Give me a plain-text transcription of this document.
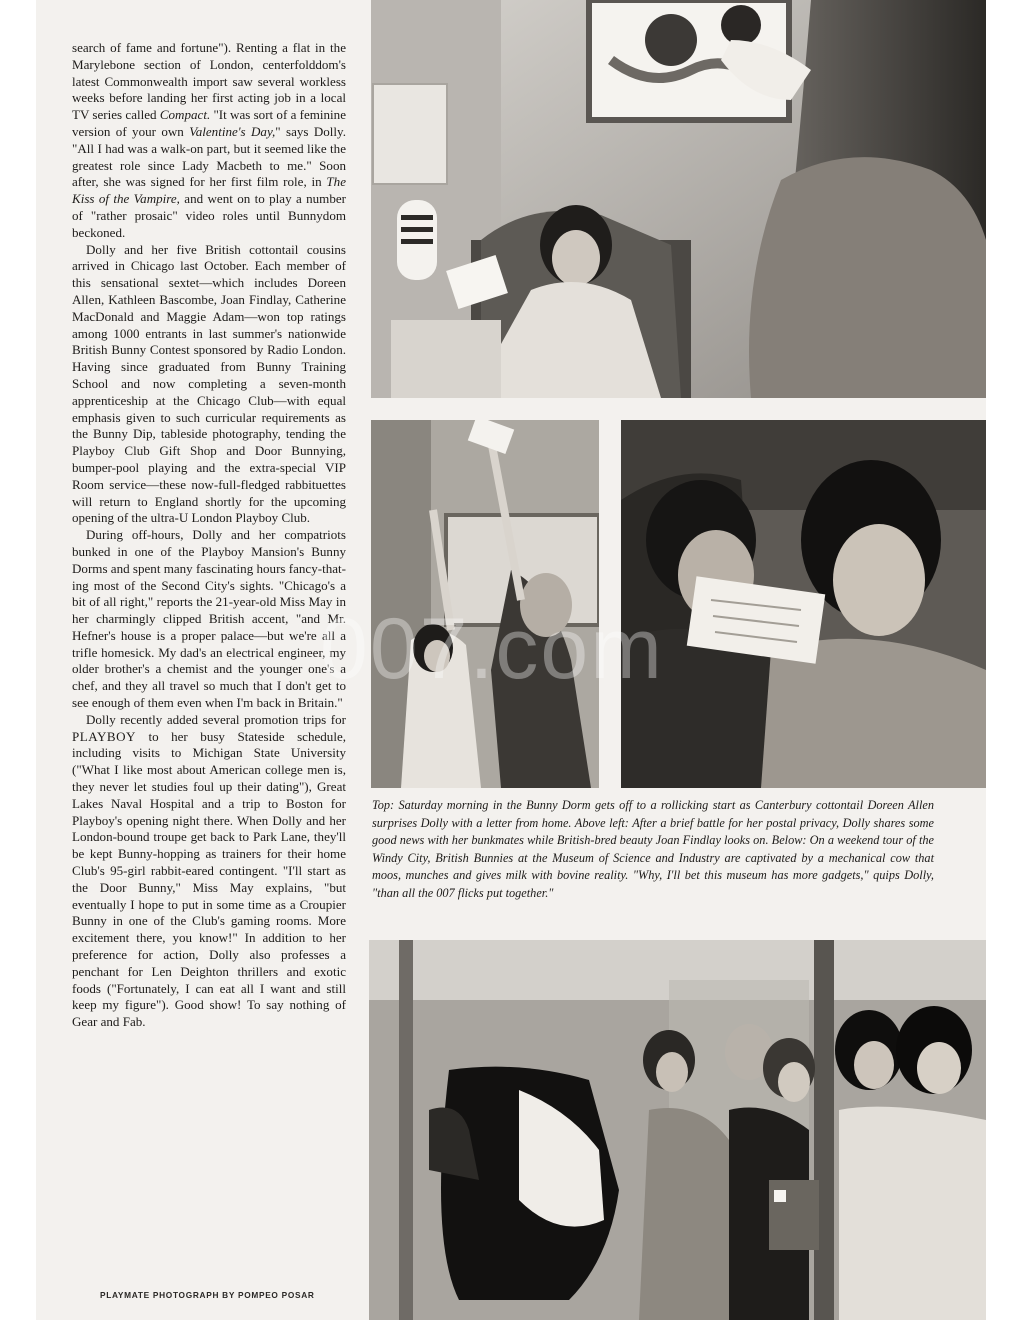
search of fame and fortune"). Renting a flat in the Marylebone section of London, centerfolddom's latest Commonwealth import saw several workless weeks before landing her first acting job in a local TV series called Compact. "It was sort of a feminine version of your own Valentine's Day," says Dolly. "All I had was a walk-on part, but it seemed like the greatest role since Lady Macbeth to me." Soon after, she was signed for her first film role, in The Kiss of the Vampire, and went on to play a number of "rather prosaic" video roles until Bunnydom beckoned.

Dolly and her five British cottontail cousins arrived in Chicago last October. Each member of this sensational sextet—which includes Doreen Allen, Kathleen Bascombe, Joan Findlay, Catherine MacDonald and Maggie Adam—won top ratings among 1000 entrants in last summer's nationwide British Bunny Contest sponsored by Radio London. Having since graduated from Bunny Training School and now completing a seven-month apprenticeship at the Chicago Club—with equal emphasis given to such curricular requirements as the Bunny Dip, tableside photography, tending the Playboy Club Gift Shop and Door Bunnying, bumper-pool playing and the extra-special VIP Room service—these now-full-fledged rabbituettes will return to England shortly for the upcoming opening of the ultra-U London Playboy Club.

During off-hours, Dolly and her compatriots bunked in one of the Playboy Mansion's Bunny Dorms and spent many fascinating hours fancy-that-ing most of the Second City's sights. "Chicago's a bit of all right," reports the 21-year-old Miss May in her charmingly clipped British accent, "and Mr. Hefner's house is a proper palace—but we're all a trifle homesick. My dad's an electrical engineer, my older brother's a chemist and the younger one's a chef, and they all travel so much that I don't get to see enough of them even when I'm back in Britain."

Dolly recently added several promotion trips for PLAYBOY to her busy Stateside schedule, including visits to Michigan State University ("What I like most about American college men is, they never let studies foul up their dating"), Great Lakes Naval Hospital and a trip to Boston for Playboy's opening night there. When Dolly and her London-bound troupe get back to Park Lane, they'll be kept Bunny-hopping as trainers for their home Club's 95-girl rabbit-eared contingent. "I'll start as the Door Bunny," Miss May explains, "but eventually I hope to put in some time as a Croupier Bunny in one of the Club's gaming rooms. More excitement there, you know!" In addition to her preference for action, Dolly also professes a penchant for Len Deighton thrillers and exotic foods ("Fortunately, I can eat all I want and still keep my figure"). Good show! To say nothing of Gear and Fab.

PLAYMATE PHOTOGRAPH BY POMPEO POSAR
Top: Saturday morning in the Bunny Dorm gets off to a rollicking start as Canterbury cottontail Doreen Allen surprises Dolly with a letter from home. Above left: After a brief battle for her postal privacy, Dolly shares some good news with her bunkmates while British-bred beauty Joan Findlay looks on. Below: On a weekend tour of the Windy City, British Bunnies at the Museum of Science and Industry are captivated by a mechanical cow that moos, munches and gives milk with bovine reality. "Why, I'll bet this museum has more gadgets," quips Dolly, "than all the 007 flicks put together."
007.com
